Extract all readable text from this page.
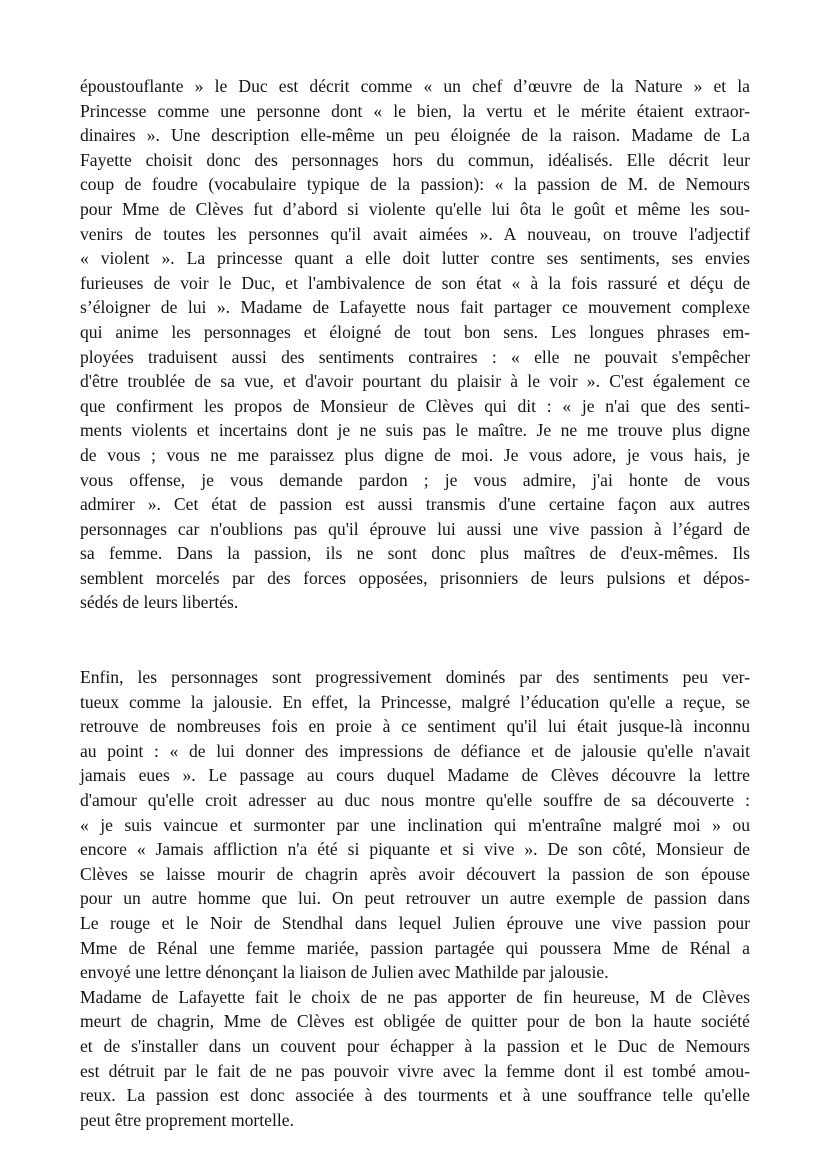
époustouflante » le Duc est décrit comme « un chef d’œuvre de la Nature » et la
Princesse comme une personne dont « le bien, la vertu et le mérite étaient extraor-
dinaires ». Une description elle-même un peu éloignée de la raison. Madame de La
Fayette choisit donc des personnages hors du commun, idéalisés. Elle décrit leur
coup de foudre (vocabulaire typique de la passion): « la passion de M. de Nemours
pour Mme de Clèves fut d’abord si violente qu'elle lui ôta le goût et même les sou-
venirs de toutes les personnes qu'il avait aimées ». A nouveau, on trouve l'adjectif
« violent ». La princesse quant a elle doit lutter contre ses sentiments, ses envies
furieuses de voir le Duc, et l'ambivalence de son état « à la fois rassuré et déçu de
s’éloigner de lui ». Madame de Lafayette nous fait partager ce mouvement complexe
qui anime les personnages et éloigné de tout bon sens. Les longues phrases em-
ployées traduisent aussi des sentiments contraires : « elle ne pouvait s'empêcher
d'être troublée de sa vue, et d'avoir pourtant du plaisir à le voir ». C'est également ce
que confirment les propos de Monsieur de Clèves qui dit : « je n'ai que des senti-
ments violents et incertains dont je ne suis pas le maître. Je ne me trouve plus digne
de vous ; vous ne me paraissez plus digne de moi. Je vous adore, je vous hais, je
vous offense, je vous demande pardon ; je vous admire, j'ai honte de vous
admirer ». Cet état de passion est aussi transmis d'une certaine façon aux autres
personnages car n'oublions pas qu'il éprouve lui aussi une vive passion à l’égard de
sa femme. Dans la passion, ils ne sont donc plus maîtres de d'eux-mêmes. Ils
semblent morcelés par des forces opposées, prisonniers de leurs pulsions et dépos-
sédés de leurs libertés.
Enfin, les personnages sont progressivement dominés par des sentiments peu ver-
tueux comme la jalousie. En effet, la Princesse, malgré l’éducation qu'elle a reçue, se
retrouve de nombreuses fois en proie à ce sentiment qu'il lui était jusque-là inconnu
au point : « de lui donner des impressions de défiance et de jalousie qu'elle n'avait
jamais eues ». Le passage au cours duquel Madame de Clèves découvre la lettre
d'amour qu'elle croit adresser au duc nous montre qu'elle souffre de sa découverte :
« je suis vaincue et surmonter par une inclination qui m'entraîne malgré moi » ou
encore « Jamais affliction n'a été si piquante et si vive ». De son côté, Monsieur de
Clèves se laisse mourir de chagrin après avoir découvert la passion de son épouse
pour un autre homme que lui. On peut retrouver un autre exemple de passion dans
Le rouge et le Noir de Stendhal dans lequel Julien éprouve une vive passion pour
Mme de Rénal une femme mariée, passion partagée qui poussera Mme de Rénal a
envoyé une lettre dénonçant la liaison de Julien avec Mathilde par jalousie.
Madame de Lafayette fait le choix de ne pas apporter de fin heureuse, M de Clèves
meurt de chagrin, Mme de Clèves est obligée de quitter pour de bon la haute société
et de s'installer dans un couvent pour échapper à la passion et le Duc de Nemours
est détruit par le fait de ne pas pouvoir vivre avec la femme dont il est tombé amou-
reux. La passion est donc associée à des tourments et à une souffrance telle qu'elle
peut être proprement mortelle.
